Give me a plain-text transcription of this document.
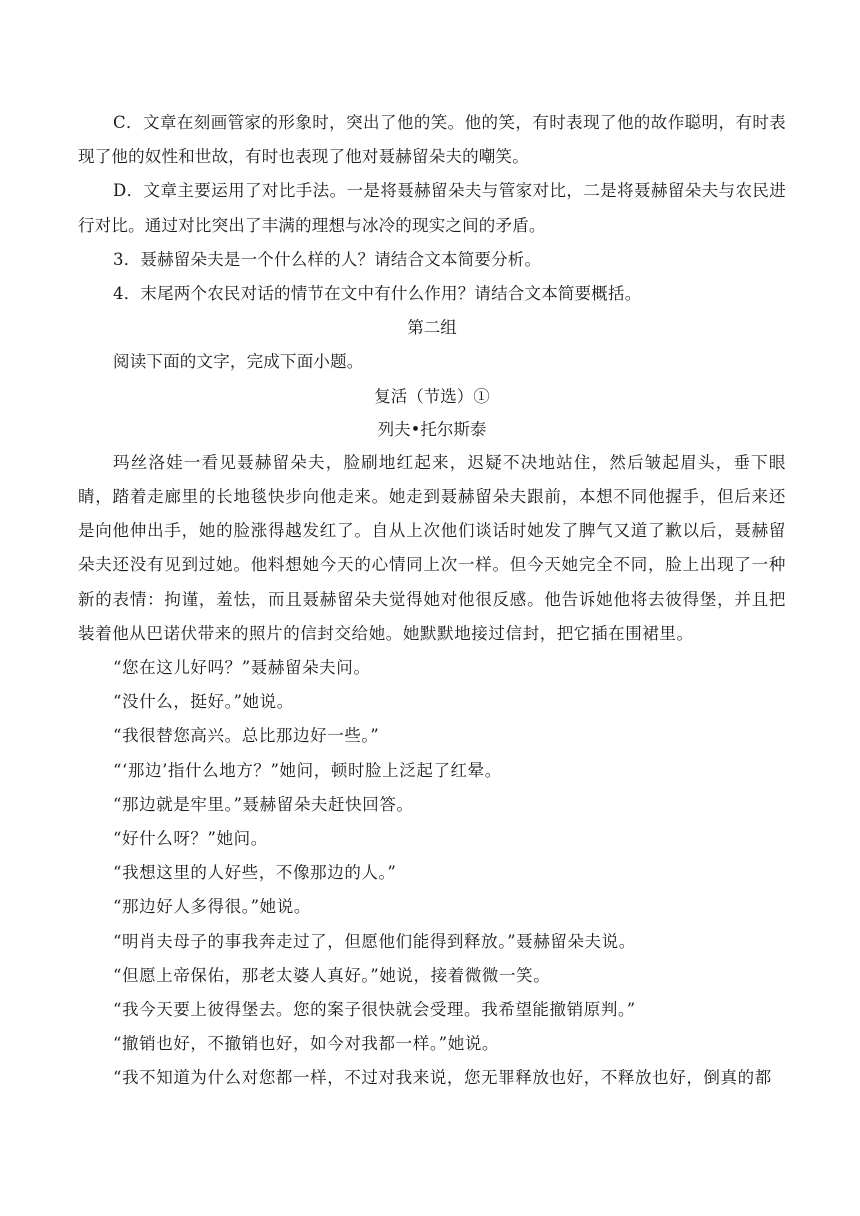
C．文章在刻画管家的形象时，突出了他的笑。他的笑，有时表现了他的故作聪明，有时表现了他的奴性和世故，有时也表现了他对聂赫留朵夫的嘲笑。

D．文章主要运用了对比手法。一是将聂赫留朵夫与管家对比，二是将聂赫留朵夫与农民进行对比。通过对比突出了丰满的理想与冰冷的现实之间的矛盾。

3．聂赫留朵夫是一个什么样的人？请结合文本简要分析。

4．末尾两个农民对话的情节在文中有什么作用？请结合文本简要概括。

第二组

阅读下面的文字，完成下面小题。

复活（节选）①

列夫•托尔斯泰

玛丝洛娃一看见聂赫留朵夫，脸刷地红起来，迟疑不决地站住，然后皱起眉头，垂下眼睛，踏着走廊里的长地毯快步向他走来。她走到聂赫留朵夫跟前，本想不同他握手，但后来还是向他伸出手，她的脸涨得越发红了。自从上次他们谈话时她发了脾气又道了歉以后，聂赫留朵夫还没有见到过她。他料想她今天的心情同上次一样。但今天她完全不同，脸上出现了一种新的表情：拘谨，羞怯，而且聂赫留朵夫觉得她对他很反感。他告诉她他将去彼得堡，并且把装着他从巴诺伏带来的照片的信封交给她。她默默地接过信封，把它插在围裙里。

“您在这儿好吗？”聂赫留朵夫问。

“没什么，挺好。”她说。

“我很替您高兴。总比那边好一些。”

“‘那边’指什么地方？”她问，顿时脸上泛起了红晕。

“那边就是牢里。”聂赫留朵夫赶快回答。

“好什么呀？”她问。

“我想这里的人好些，不像那边的人。”

“那边好人多得很。”她说。

“明肖夫母子的事我奔走过了，但愿他们能得到释放。”聂赫留朵夫说。

“但愿上帝保佑，那老太婆人真好。”她说，接着微微一笑。

“我今天要上彼得堡去。您的案子很快就会受理。我希望能撤销原判。”

“撤销也好，不撤销也好，如今对我都一样。”她说。

“我不知道为什么对您都一样，不过对我来说，您无罪释放也好，不释放也好，倒真的都
